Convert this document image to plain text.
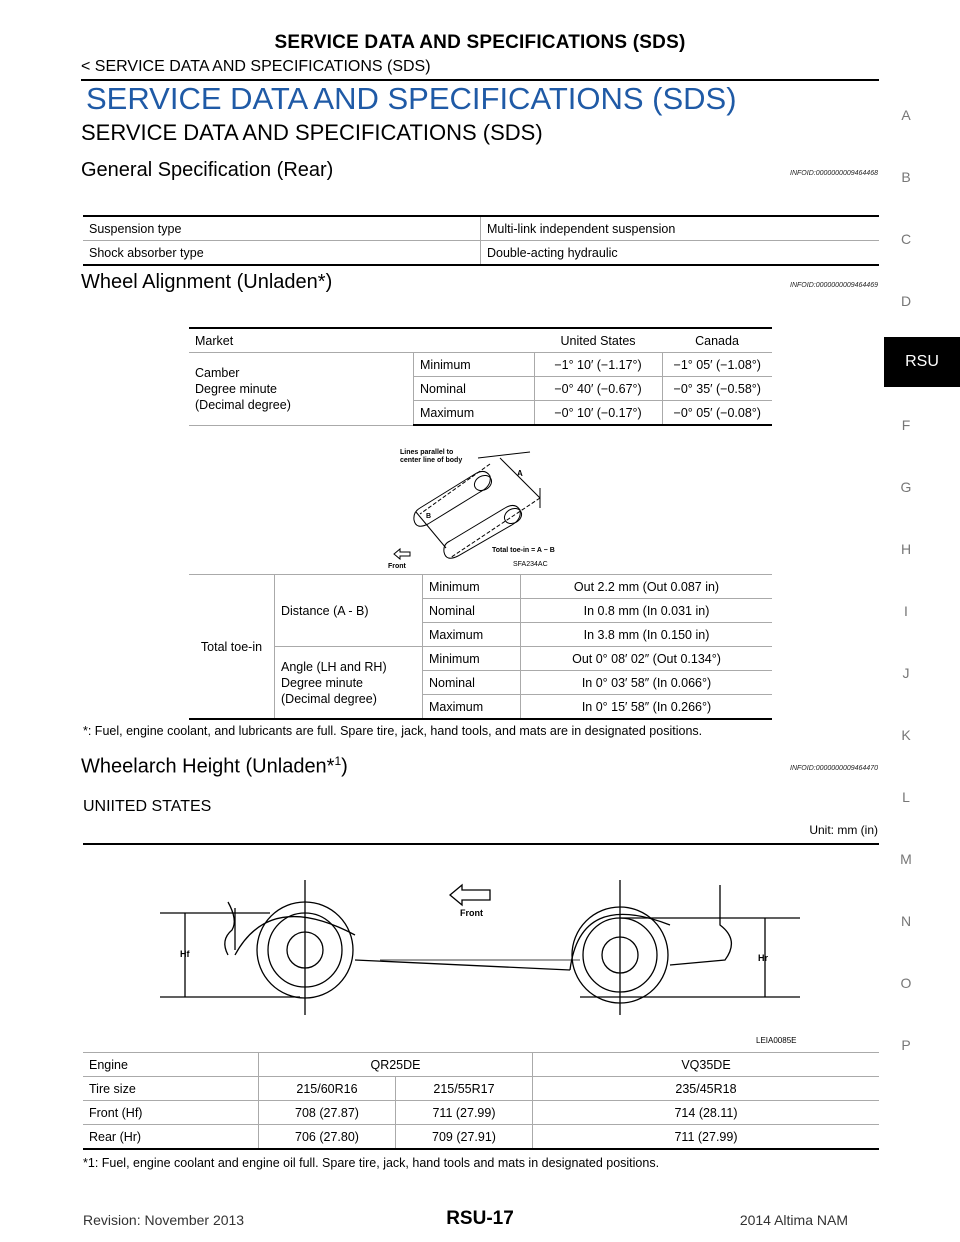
SERVICE DATA AND SPECIFICATIONS (SDS)
< SERVICE DATA AND SPECIFICATIONS (SDS)
SERVICE DATA AND SPECIFICATIONS (SDS)
SERVICE DATA AND SPECIFICATIONS (SDS)
A
B
C
D
RSU
F
G
H
I
J
K
L
M
N
O
P
General Specification (Rear)	INFOID:0000000009464468
Suspension type	Multi-link independent suspension
Shock absorber type	Double-acting hydraulic
Wheel Alignment (Unladen*)	INFOID:0000000009464469
Market		United States	Canada

Camber
Degree minute
(Decimal degree)	Minimum	−1° 10′ (−1.17°)	−1° 05′ (−1.08°)
	Nominal	−0° 40′ (−0.67°)	−0° 35′ (−0.58°)
	Maximum	−0° 10′ (−0.17°)	−0° 05′ (−0.08°)
Lines parallel to
center line of body
A
B
Total toe-in = A − B
SFA234AC
Front
Total toe-in	Distance (A - B)	Minimum	Out 2.2 mm (Out 0.087 in)
		Nominal	In 0.8 mm (In 0.031 in)
		Maximum	In 3.8 mm (In 0.150 in)

	Angle (LH and RH)
Degree minute
(Decimal degree)	Minimum	Out 0° 08′ 02″ (Out 0.134°)
		Nominal	In 0° 03′ 58″ (In 0.066°)
		Maximum	In 0° 15′ 58″ (In 0.266°)
*: Fuel, engine coolant, and lubricants are full. Spare tire, jack, hand tools, and mats are in designated positions.
Wheelarch Height (Unladen*$^1$)	INFOID:0000000009464470
UNIITED STATES
Unit: mm (in)
Front
Hf	Hr
LEIA0085E
Engine	QR25DE		VQ35DE
Tire size	215/60R16	215/55R17	235/45R18
Front (Hf)	708 (27.87)	711 (27.99)	714 (28.11)
Rear (Hr)	706 (27.80)	709 (27.91)	711 (27.99)
*1: Fuel, engine coolant and engine oil full. Spare tire, jack, hand tools and mats in designated positions.
Revision: November 2013	RSU-17	2014 Altima NAM
